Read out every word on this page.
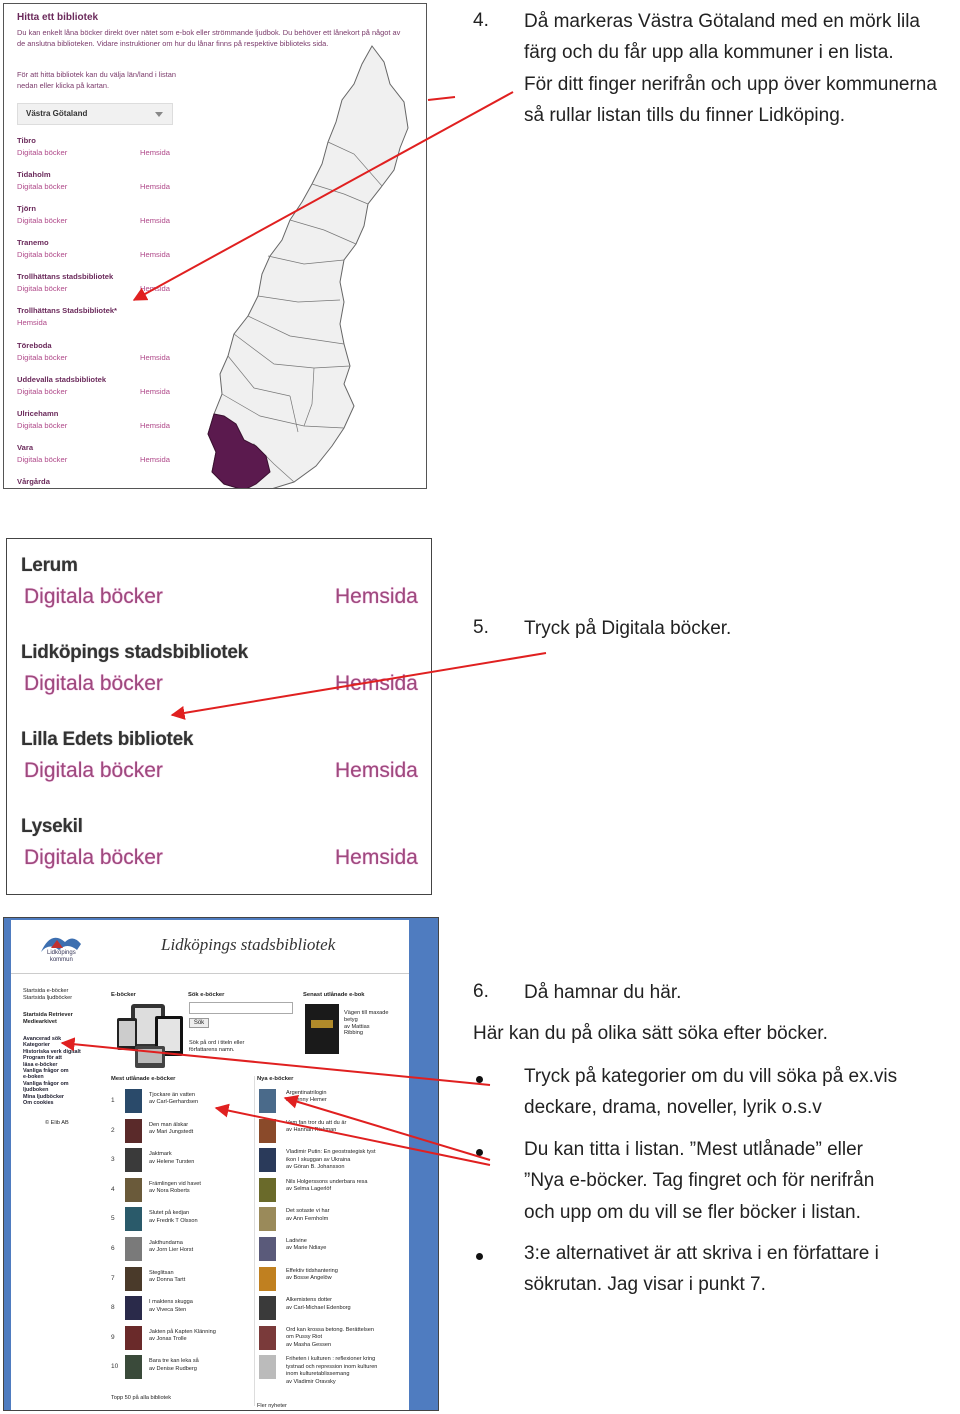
Hitta ett bibliotek
Du kan enkelt låna böcker direkt över nätet som e-bok eller strömmande ljudbok. Du behöver ett lånekort på något av de anslutna biblioteken. Vidare instruktioner om hur du lånar finns på respektive biblioteks sida.
För att hitta bibliotek kan du välja län/land i listan nedan eller klicka på kartan.
Västra Götaland
Tibro
Digitala böcker	Hemsida
Tidaholm
Digitala böcker	Hemsida
Tjörn
Digitala böcker	Hemsida
Tranemo
Digitala böcker	Hemsida
Trollhättans stadsbibliotek
Digitala böcker	Hemsida
Trollhättans Stadsbibliotek*
Hemsida
Töreboda
Digitala böcker	Hemsida
Uddevalla stadsbibliotek
Digitala böcker	Hemsida
Ulricehamn
Digitala böcker	Hemsida
Vara
Digitala böcker	Hemsida
Vårgårda
Lerum
Digitala böcker	Hemsida
Lidköpings stadsbibliotek
Digitala böcker	Hemsida
Lilla Edets bibliotek
Digitala böcker	Hemsida
Lysekil
Digitala böcker	Hemsida
Lidköpings
kommun
Lidköpings stadsbibliotek
Startsida e-böcker
Startsida ljudböcker
Startsida Retriever
Mediearkivet
Avancerad sök
Kategorier
Historiska verk digitalt
Program för att
läsa e-böcker
Vanliga frågor om
e-boken
Vanliga frågor om
ljudboken
Mina ljudböcker
Om cookies
© Elib AB
E-böcker	Sök e-böcker
Sök
Sök på ord i titeln eller
författarens namn.
Senast utlånade e-bok
Vägen till maxade
betyg
av Mattias
Ribbing
Mest utlånade e-böcker	Nya e-böcker
1
Tjockare än vatten
av Carl-Gerhardsen
2
Den man älskar
av Mari Jungstedt
3
Jaktmark
av Helene Tursten
4
Främlingen vid havet
av Nora Roberts
5
Slutet på kedjan
av Fredrik T Olsson
6
Jakthundarna
av Jorn Lier Horst
7
Steglitsan
av Donna Tartt
8
I maktens skugga
av Viveca Sten
9
Jakten på Kapten Klänning
av Jonas Trolle
10
Bara tre kan leka så
av Denise Rudberg
Argentinatrilogin
av Jenny Hemer
Vem fan tror du att du är
av Hannah Rickman
Vladimir Putin: En geostrategisk tyst
ikon I skuggan av Ukraina
av Göran B. Johansson
Nils Holgerssons underbara resa
av Selma Lagerlöf
Det sotaste vi har
av Ann Fernholm
Ladivine
av Marie Ndiaye
Effektiv tidshantering
av Bosse Angelöw
Alkemistens dotter
av Carl-Michael Edenborg
Ord kan krossa betong. Berättelsen
om Pussy Riot
av Masha Gessen
Friheten i kulturen : reflexioner kring
tystnad och repression inom kulturen
inom kulturetablissemang
av Vladimir Oravsky
Topp 50 på alla bibliotek
Fler nyheter
4. Då markeras Västra Götaland med en mörk lila
färg och du får upp alla kommuner i en lista.
För ditt finger nerifrån och upp över kommunerna
så rullar listan tills du finner Lidköping.
5. Tryck på Digitala böcker.
6. Då hamnar du här.
Här kan du på olika sätt söka efter böcker.
Tryck på kategorier om du vill söka på ex.vis
deckare, drama, noveller, lyrik o.s.v
Du kan titta i listan. ”Mest utlånade” eller
”Nya e-böcker. Tag fingret och för nerifrån
och upp om du vill se fler böcker i listan.
3:e alternativet är att skriva i en författare i
sökrutan. Jag visar i punkt 7.
